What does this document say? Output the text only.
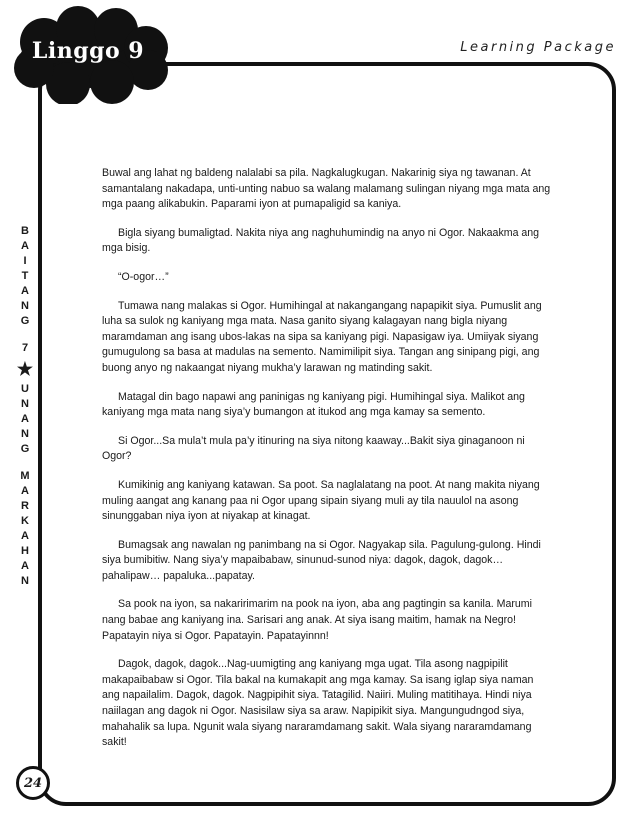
Linggo 9	Learning Package
B
A
I
T
A
N
G
7
★
U
N
A
N
G
M
A
R
K
A
H
A
N

Buwal ang lahat ng baldeng nalalabi sa pila. Nagkalugkugan. Nakarinig siya ng tawanan. At samantalang nakadapa, unti-unting nabuo sa walang malamang sulingan niyang mga mata ang mga paang alikabukin. Paparami iyon at pumapaligid sa kaniya.

Bigla siyang bumaligtad. Nakita niya ang naghuhumindig na anyo ni Ogor. Nakaakma ang mga bisig.

“O-ogor…”

Tumawa nang malakas si Ogor. Humihingal at nakangangang napapikit siya. Pumuslit ang luha sa sulok ng kaniyang mga mata. Nasa ganito siyang kalagayan nang bigla niyang maramdaman ang isang ubos-lakas na sipa sa kaniyang pigi. Napasigaw iya. Umiiyak siyang gumugulong sa basa at madulas na semento. Namimilipit siya. Tangan ang sinipang pigi, ang buong anyo ng nakaangat niyang mukha’y larawan ng matinding sakit.

Matagal din bago napawi ang paninigas ng kaniyang pigi. Humihingal siya. Malikot ang kaniyang mga mata nang siya’y bumangon at itukod ang mga kamay sa semento.

Si Ogor...Sa mula’t mula pa’y itinuring na siya nitong kaaway...Bakit siya ginaganoon ni Ogor?

Kumikinig ang kaniyang katawan. Sa poot. Sa naglalatang na poot. At nang makita niyang muling aangat ang kanang paa ni Ogor upang sipain siyang muli ay tila nauulol na asong sinunggaban niya iyon at niyakap at kinagat.

Bumagsak ang nawalan ng panimbang na si Ogor. Nagyakap sila. Pagulung-gulong. Hindi siya bumibitiw. Nang siya’y mapaibabaw, sinunud-sunod niya: dagok, dagok, dagok… pahalipaw… papaluka...papatay.

Sa pook na iyon, sa nakaririmarim na pook na iyon, aba ang pagtingin sa kanila. Marumi nang babae ang kaniyang ina. Sarisari ang anak. At siya isang maitim, hamak na Negro! Papatayin niya si Ogor. Papatayin. Papatayinnn!

Dagok, dagok, dagok...Nag-uumigting ang kaniyang mga ugat. Tila asong nagpipilit makapaibabaw si Ogor. Tila bakal na kumakapit ang mga kamay. Sa isang iglap siya naman ang napailalim. Dagok, dagok. Nagpipihit siya. Tatagilid. Naiiri. Muling matitihaya. Hindi niya naiilagan ang dagok ni Ogor. Nasisilaw siya sa araw. Napipikit siya. Mangungudngod siya, mahahalik sa lupa. Ngunit wala siyang nararamdamang sakit. Wala siyang nararamdamang sakit!

24
